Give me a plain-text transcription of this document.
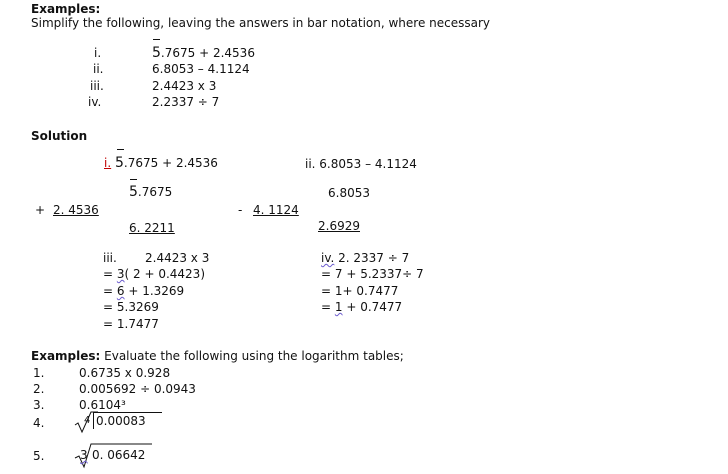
Examples:
Simplify the following, leaving the answers in bar notation, where necessary
i.	5.7675 + 2.4536
ii.	6.8053 – 4.1124
iii.	2.4423 x 3
iv.	2.2337 ÷ 7
Solution
i. 5.7675 + 2.4536
5.7675
+ 2. 4536
6. 2211
ii. 6.8053 – 4.1124
6.8053
- 4. 1124
2.6929
iii. 2.4423 x 3
= 3( 2 + 0.4423)
= 6 + 1.3269
= 5.3269
= 1.7477
iv. 2. 2337 ÷ 7
= 7 + 5.2337÷ 7
= 1+ 0.7477
= 1 + 0.7477
Examples: Evaluate the following using the logarithm tables;
1.	0.6735 x 0.928
2.	0.005692 ÷ 0.0943
3.	0.6104³
4.	4 0.00083
5.	3 0. 06642
